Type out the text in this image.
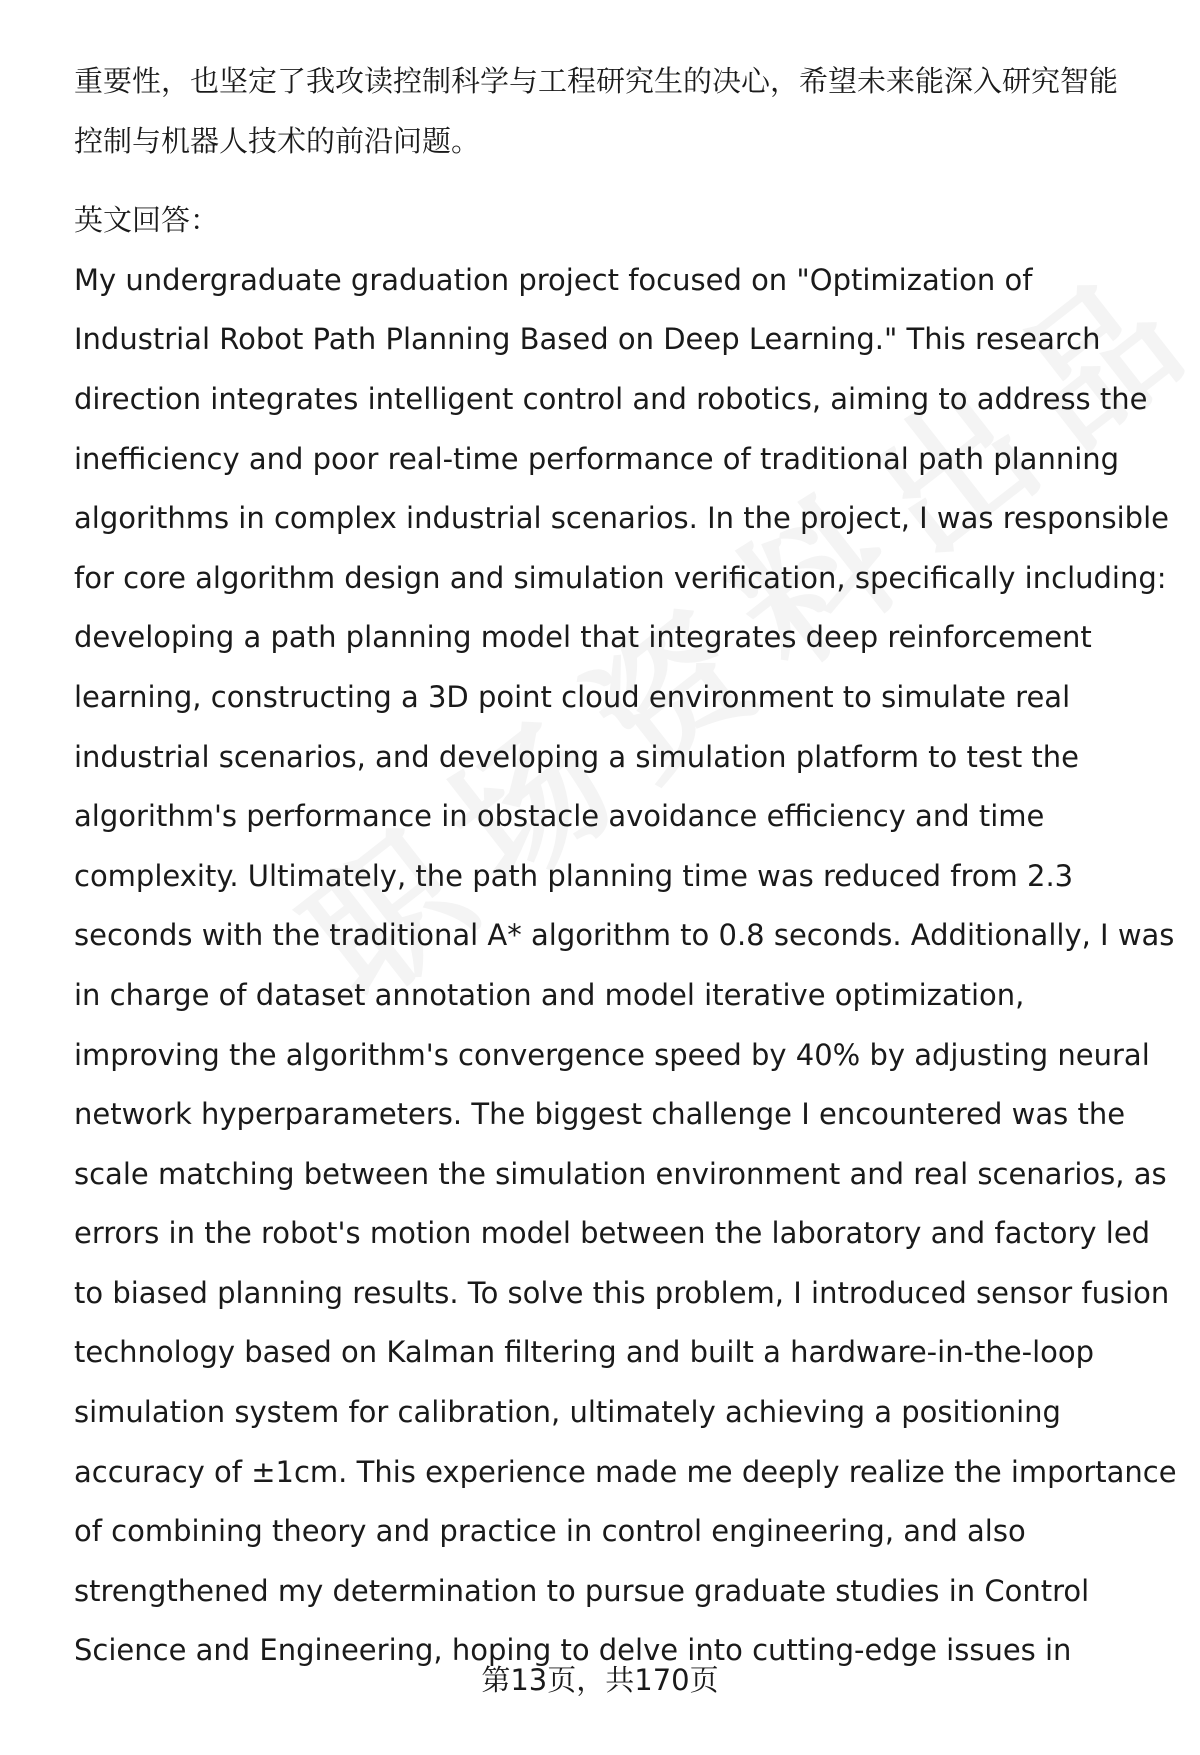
重要性，也坚定了我攻读控制科学与工程研究生的决心，希望未来能深入研究智能
控制与机器人技术的前沿问题。
英文回答：
My undergraduate graduation project focused on "Optimization of
Industrial Robot Path Planning Based on Deep Learning." This research
direction integrates intelligent control and robotics, aiming to address the
inefficiency and poor real-time performance of traditional path planning
algorithms in complex industrial scenarios. In the project, I was responsible
for core algorithm design and simulation verification, specifically including:
developing a path planning model that integrates deep reinforcement
learning, constructing a 3D point cloud environment to simulate real
industrial scenarios, and developing a simulation platform to test the
algorithm's performance in obstacle avoidance efficiency and time
complexity. Ultimately, the path planning time was reduced from 2.3
seconds with the traditional A* algorithm to 0.8 seconds. Additionally, I was
in charge of dataset annotation and model iterative optimization,
improving the algorithm's convergence speed by 40% by adjusting neural
network hyperparameters. The biggest challenge I encountered was the
scale matching between the simulation environment and real scenarios, as
errors in the robot's motion model between the laboratory and factory led
to biased planning results. To solve this problem, I introduced sensor fusion
technology based on Kalman filtering and built a hardware-in-the-loop
simulation system for calibration, ultimately achieving a positioning
accuracy of ±1cm. This experience made me deeply realize the importance
of combining theory and practice in control engineering, and also
strengthened my determination to pursue graduate studies in Control
Science and Engineering, hoping to delve into cutting-edge issues in
第13页，共170页
